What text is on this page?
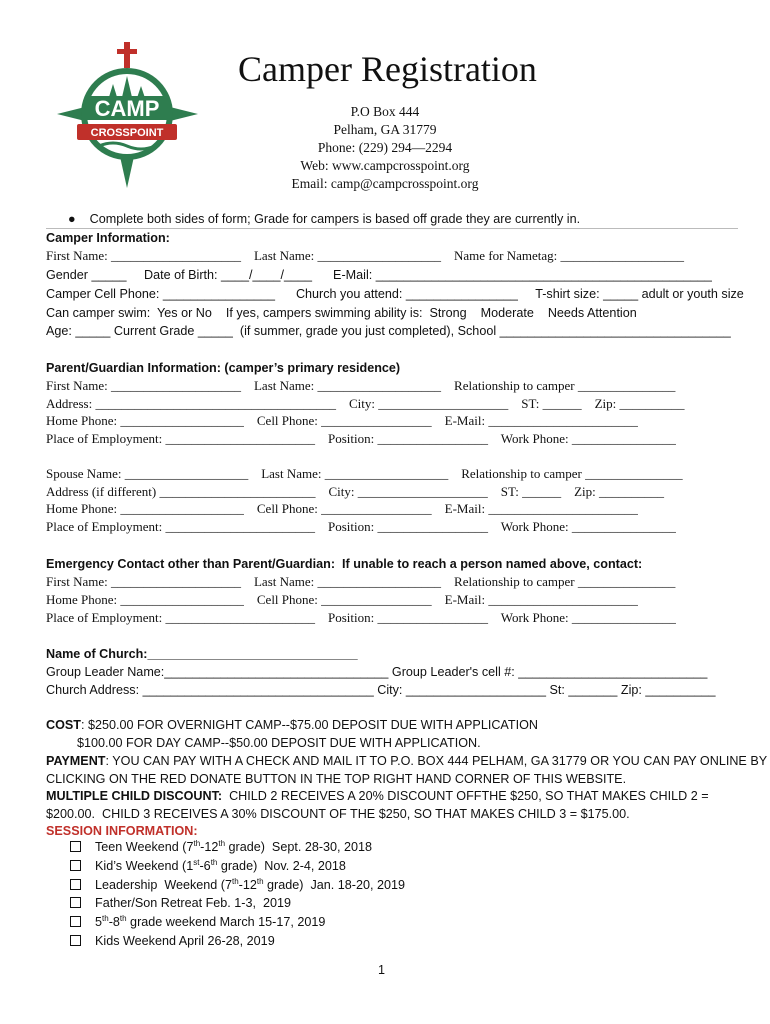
CAMP
CROSSPOINT
Camper Registration
P.O Box 444
Pelham, GA 31779
Phone: (229) 294—2294
Web: www.campcrosspoint.org
Email: camp@campcrosspoint.org
● Complete both sides of form; Grade for campers is based off grade they are currently in.
Camper Information:
First Name: ____________________    Last Name: ___________________    Name for Nametag: ___________________
Gender _____     Date of Birth: ____/____/____      E-Mail: ________________________________________________
Camper Cell Phone: ________________      Church you attend: ________________     T-shirt size: _____ adult or youth size
Can camper swim:  Yes or No    If yes, campers swimming ability is:  Strong    Moderate    Needs Attention
Age: _____ Current Grade _____  (if summer, grade you just completed), School _________________________________
Parent/Guardian Information: (camper’s primary residence)
First Name: ____________________    Last Name: ___________________    Relationship to camper _______________
Address: _____________________________________    City: ____________________    ST: ______    Zip: __________
Home Phone: ___________________    Cell Phone: _________________    E-Mail: _______________________
Place of Employment: _______________________    Position: _________________    Work Phone: ________________
Spouse Name: ___________________    Last Name: ___________________    Relationship to camper _______________
Address (if different) ________________________    City: ____________________    ST: ______    Zip: __________
Home Phone: ___________________    Cell Phone: _________________    E-Mail: _______________________
Place of Employment: _______________________    Position: _________________    Work Phone: ________________
Emergency Contact other than Parent/Guardian:  If unable to reach a person named above, contact:
First Name: ____________________    Last Name: ___________________    Relationship to camper _______________
Home Phone: ___________________    Cell Phone: _________________    E-Mail: _______________________
Place of Employment: _______________________    Position: _________________    Work Phone: ________________
Name of Church:______________________________
Group Leader Name:________________________________ Group Leader's cell #: ___________________________
Church Address: _________________________________ City: ____________________ St: _______ Zip: __________
COST: $250.00 FOR OVERNIGHT CAMP--$75.00 DEPOSIT DUE WITH APPLICATION
$100.00 FOR DAY CAMP--$50.00 DEPOSIT DUE WITH APPLICATION.
PAYMENT: YOU CAN PAY WITH A CHECK AND MAIL IT TO P.O. BOX 444 PELHAM, GA 31779 OR YOU CAN PAY ONLINE BY
CLICKING ON THE RED DONATE BUTTON IN THE TOP RIGHT HAND CORNER OF THIS WEBSITE.
MULTIPLE CHILD DISCOUNT:  CHILD 2 RECEIVES A 20% DISCOUNT OFFTHE $250, SO THAT MAKES CHILD 2 =
$200.00.  CHILD 3 RECEIVES A 30% DISCOUNT OF THE $250, SO THAT MAKES CHILD 3 = $175.00.
SESSION INFORMATION:
Teen Weekend (7th-12th grade)  Sept. 28-30, 2018
Kid’s Weekend (1st-6th grade)  Nov. 2-4, 2018
Leadership  Weekend (7th-12th grade)  Jan. 18-20, 2019
Father/Son Retreat Feb. 1-3,  2019
5th-8th grade weekend March 15-17, 2019
Kids Weekend April 26-28, 2019
1
